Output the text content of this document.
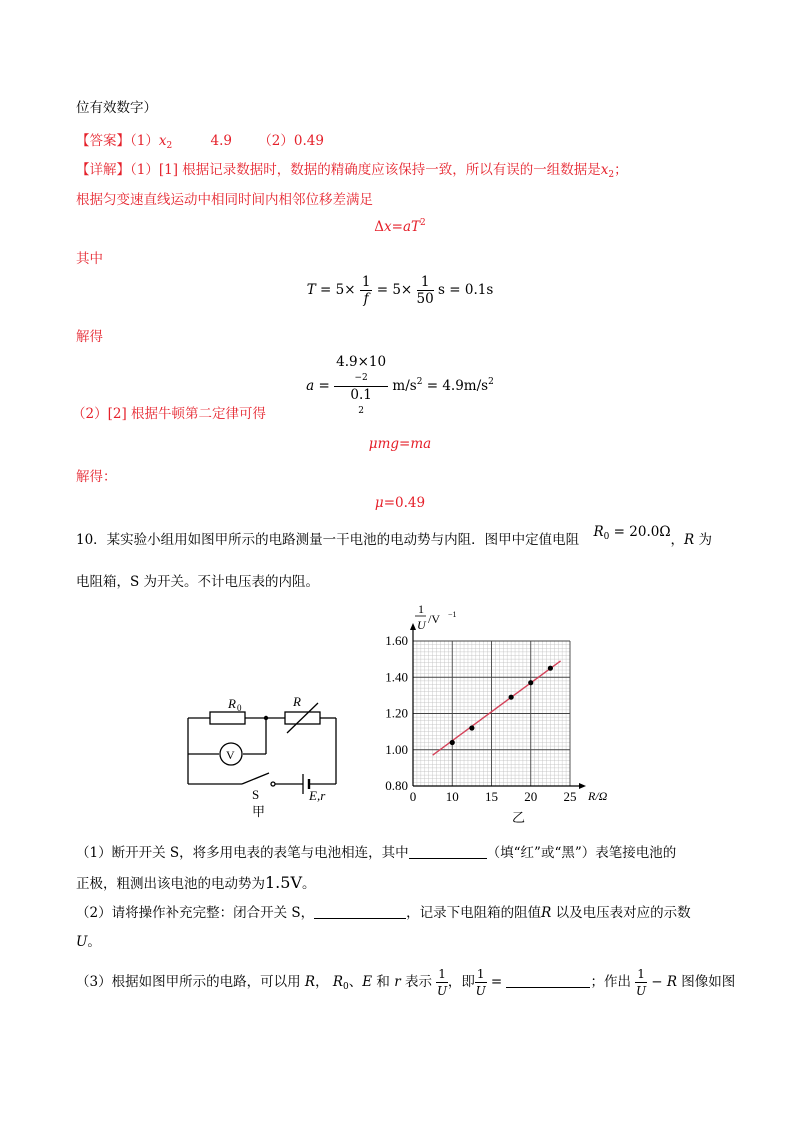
位有效数字）
【答案】$(1)x_2$	4.9 （2）0.49
【详解】（1）[1] 根据记录数据时，数据的精确度应该保持一致，所以有误的一组数据是$x_2$；
根据匀变速直线运动中相同时间内相邻位移差满足
$\Delta x=aT^2$
其中
$T = 5\times \frac{1}{f} = 5\times \frac{1}{50}$ s = 0.1s
解得
a = 4.9×10
−2
0.1
2 $m/s^2 = 4.9m/s^2$
（2）[2] 根据牛顿第二定律可得
μmg=ma
解得：
μ=0.49
10．某实验小组用如图甲所示的电路测量一干电池的电动势与内阻．图甲中定值电阻 $R_0 = 20.0\Omega$，R 为
电阻箱，S 为开关。不计电压表的内阻。
R 0	R
V
S	E,r
甲
0 10 15 20 25
0.80
1.00
1.20
1.40
1.60
1
U /V −1
R/Ω
乙
（1）断开开关 S，将多用电表的表笔与电池相连，其中	（填“红”或“黑”）表笔接电池的
正极，粗测出该电池的电动势为1.5V。
（2）请将操作补充完整：闭合开关 S，	，记录下电阻箱的阻值R 以及电压表对应的示数
U。
（3）根据如图甲所示的电路，可以用 R， $R_0$、E 和 r 表示 $\frac{1}{U}$ ，即 $\frac{1}{U}$ =	；作出 $\frac{1}{U} - R$ 图像如图
